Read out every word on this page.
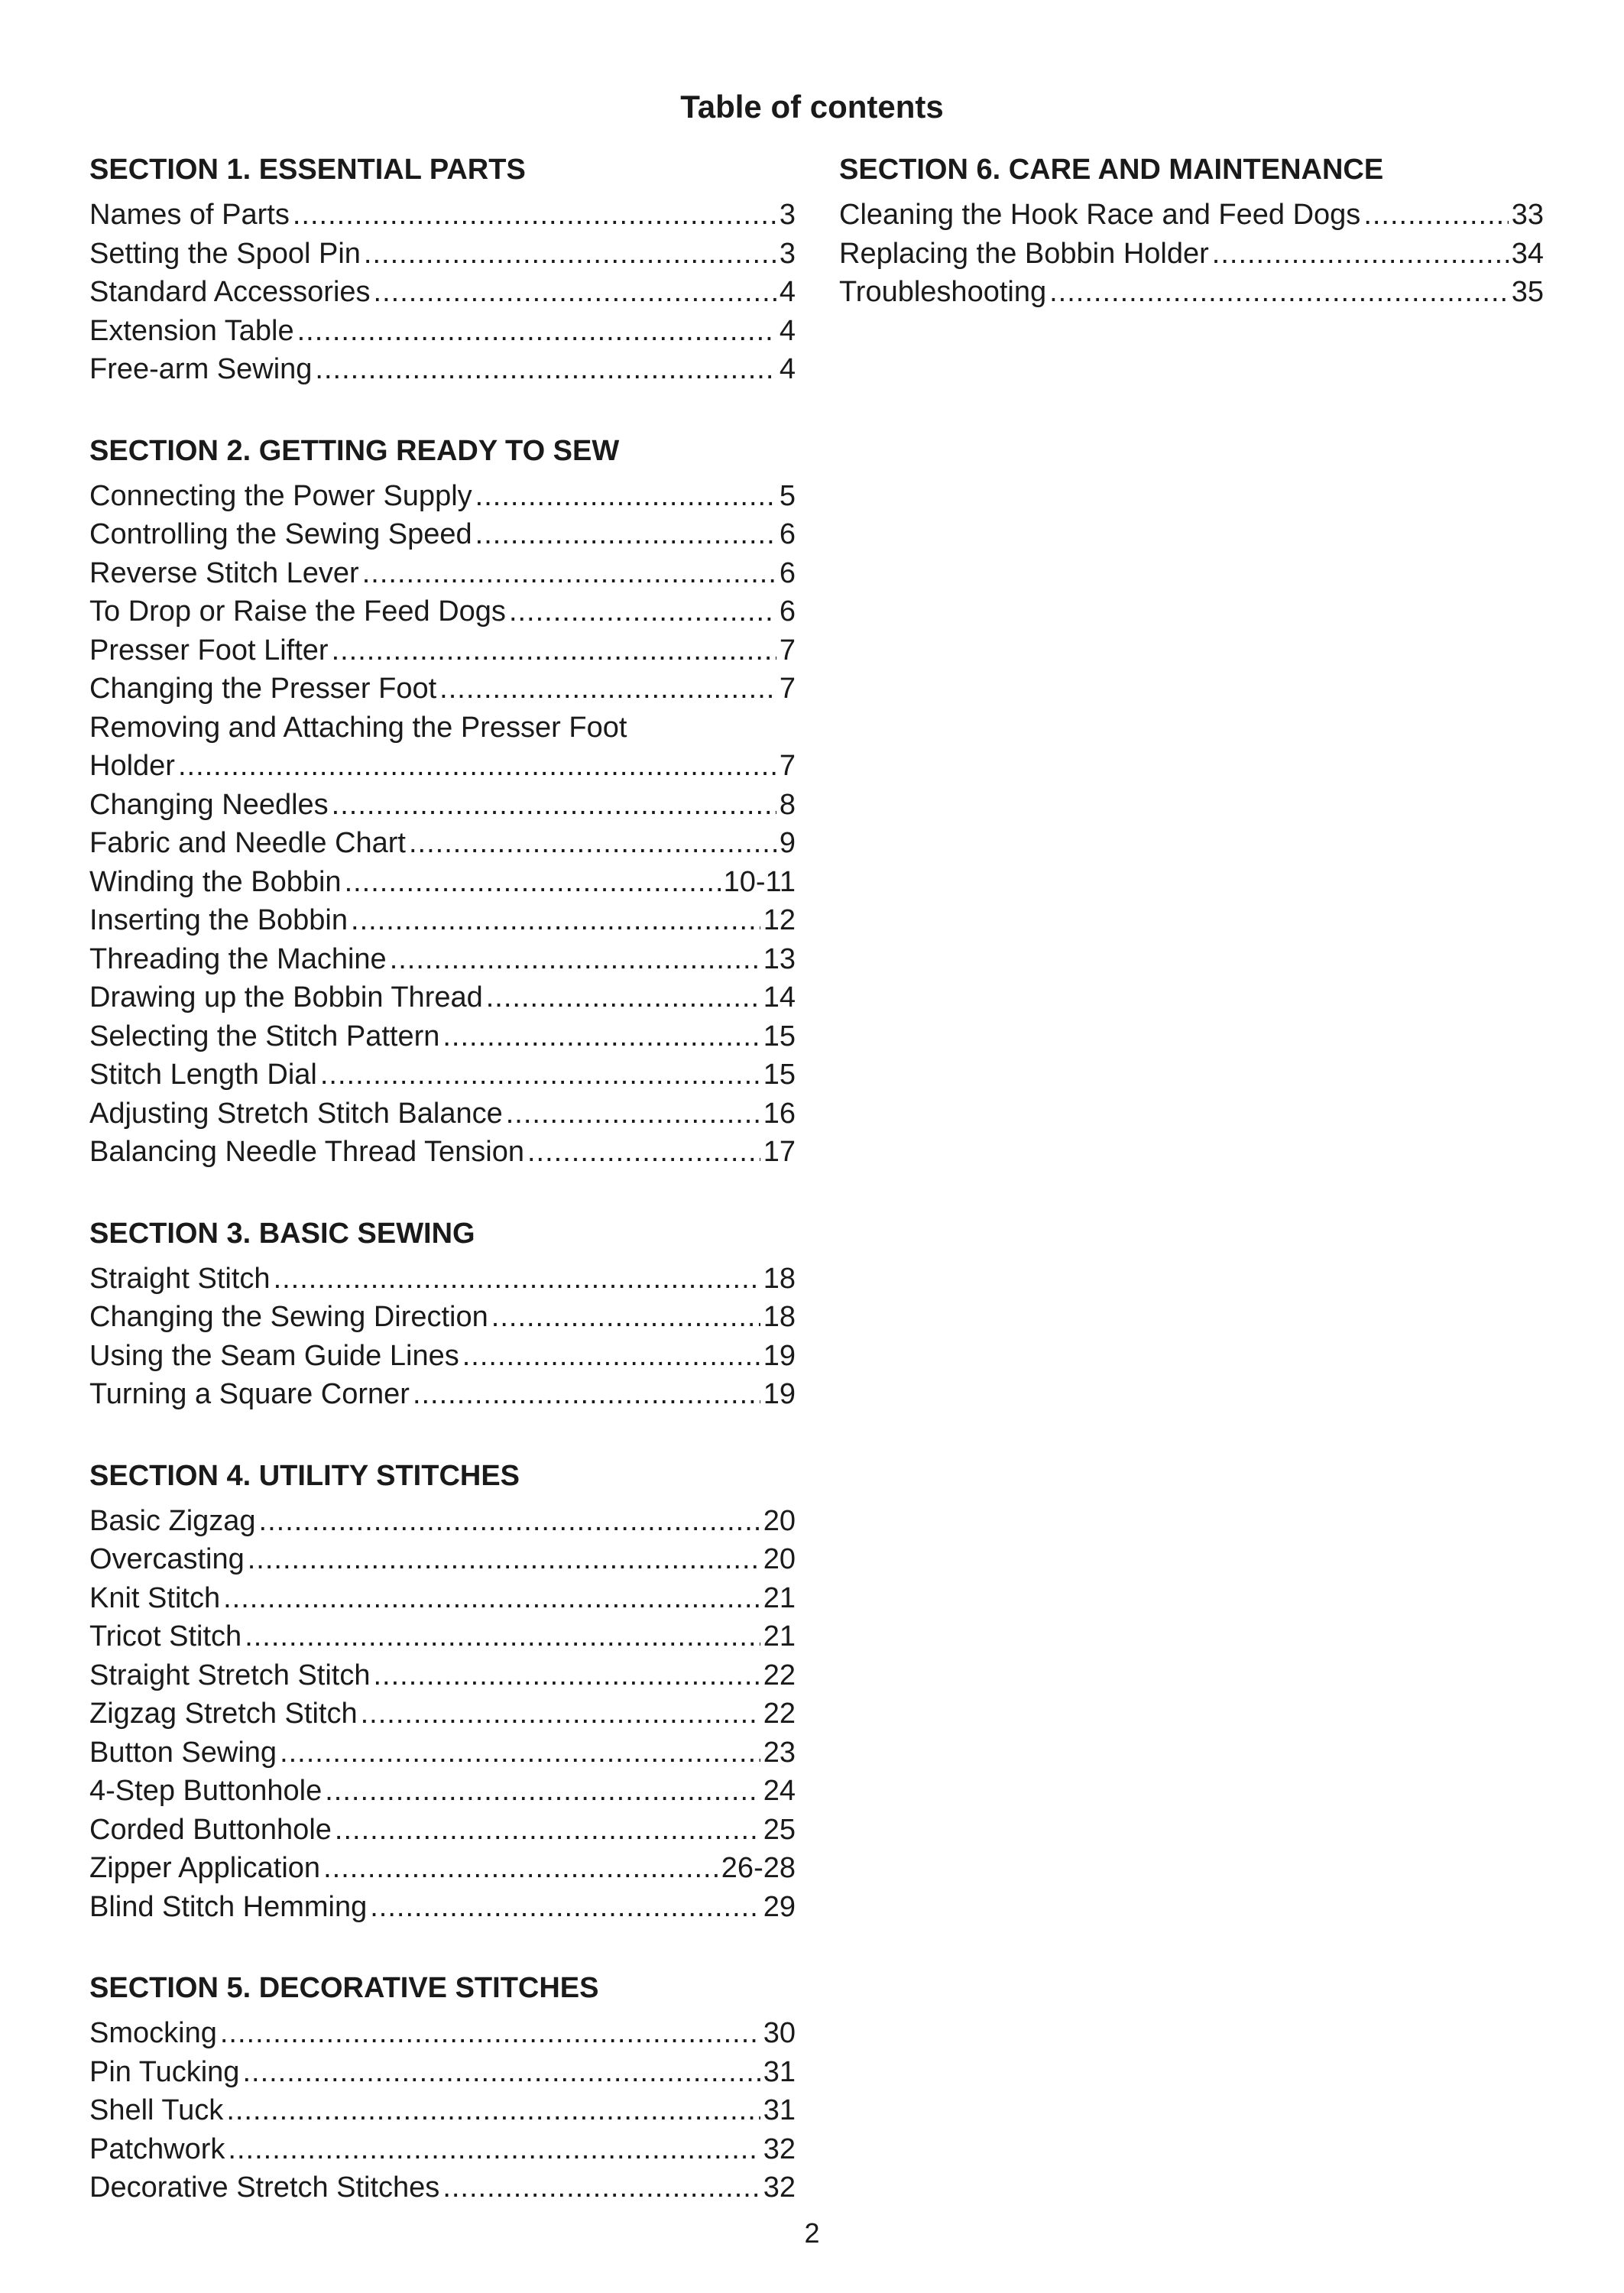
Table of contents
SECTION 1. ESSENTIAL PARTS
Names of Parts .....	3
Setting the Spool Pin .....	3
Standard Accessories .....	4
Extension Table .....	4
Free-arm Sewing .....	4
SECTION 2. GETTING READY TO SEW
Connecting the Power Supply .....	5
Controlling the Sewing Speed .....	6
Reverse Stitch Lever .....	6
To Drop or Raise the Feed Dogs .....	6
Presser Foot Lifter .....	7
Changing the Presser Foot .....	7
Removing and Attaching the Presser Foot
Holder .....	7
Changing Needles .....	8
Fabric and Needle Chart .....	9
Winding the Bobbin .....	10-11
Inserting the Bobbin .....	12
Threading the Machine .....	13
Drawing up the Bobbin Thread .....	14
Selecting the Stitch Pattern .....	15
Stitch Length Dial .....	15
Adjusting Stretch Stitch Balance .....	16
Balancing Needle Thread Tension .....	17
SECTION 3. BASIC SEWING
Straight Stitch .....	18
Changing the Sewing Direction .....	18
Using the Seam Guide Lines .....	19
Turning a Square Corner .....	19
SECTION 4. UTILITY STITCHES
Basic Zigzag .....	20
Overcasting .....	20
Knit Stitch .....	21
Tricot Stitch .....	21
Straight Stretch Stitch .....	22
Zigzag Stretch Stitch .....	22
Button Sewing .....	23
4-Step Buttonhole .....	24
Corded Buttonhole .....	25
Zipper Application .....	26-28
Blind Stitch Hemming .....	29
SECTION 5. DECORATIVE STITCHES
Smocking .....	30
Pin Tucking .....	31
Shell Tuck .....	31
Patchwork .....	32
Decorative Stretch Stitches .....	32
SECTION 6. CARE AND MAINTENANCE
Cleaning the Hook Race and Feed Dogs .....	33
Replacing the Bobbin Holder .....	34
Troubleshooting .....	35
2
